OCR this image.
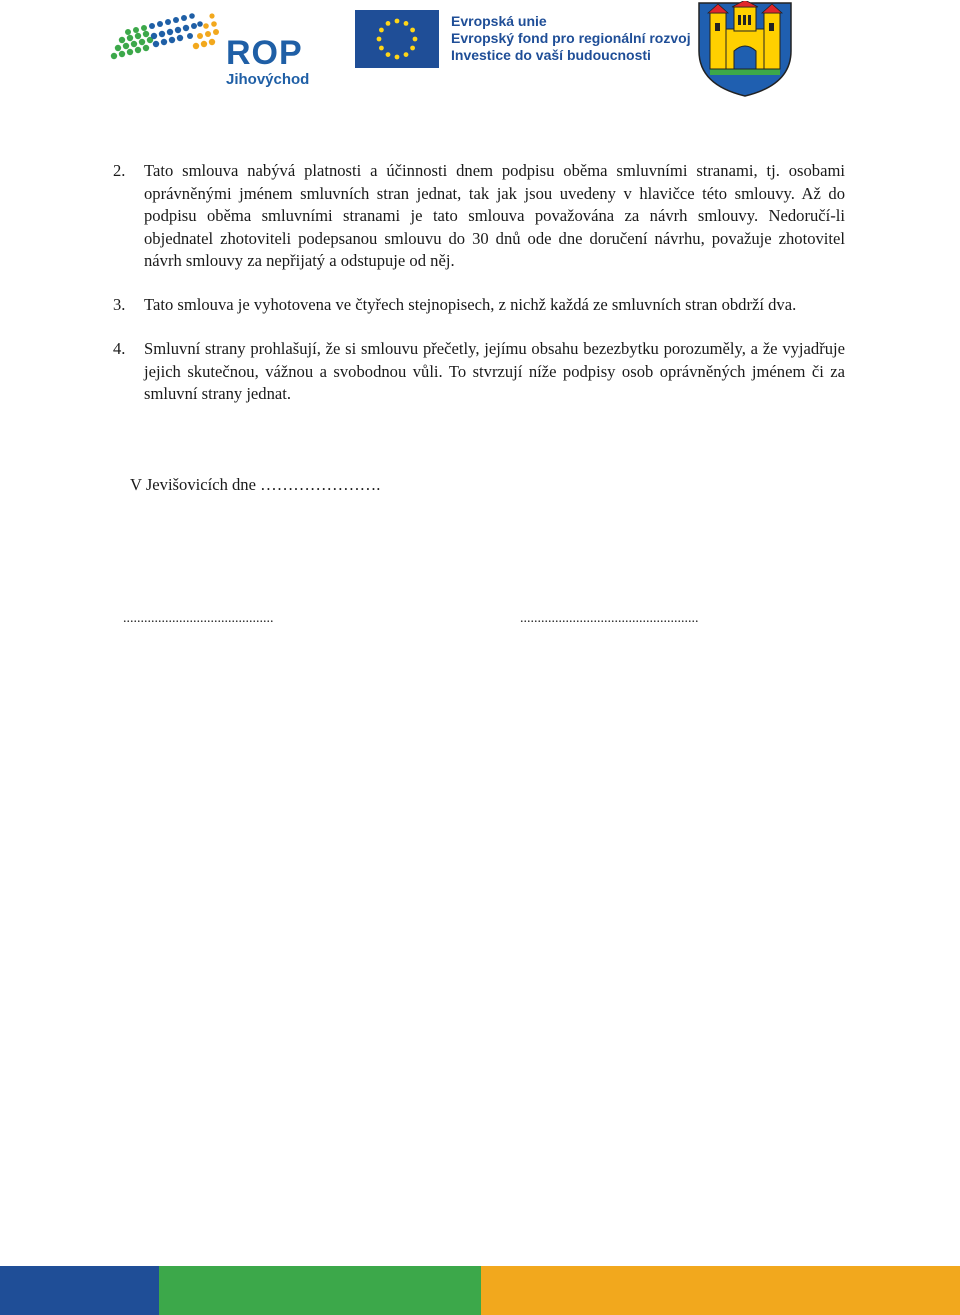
ROP
Jihovýchod
Evropská unie
Evropský fond pro regionální rozvoj
Investice do vaší budoucnosti
2. Tato smlouva nabývá platnosti a účinnosti dnem podpisu oběma smluvními stranami, tj. osobami oprávněnými jménem smluvních stran jednat, tak jak jsou uvedeny v hlavičce této smlouvy. Až do podpisu oběma smluvními stranami je tato smlouva považována za návrh smlouvy. Nedoručí-li objednatel zhotoviteli podepsanou smlouvu do 30 dnů ode dne doručení návrhu, považuje zhotovitel návrh smlouvy za nepřijatý a odstupuje od něj.

3. Tato smlouva je vyhotovena ve čtyřech stejnopisech, z nichž každá ze smluvních stran obdrží dva.

4. Smluvní strany prohlašují, že si smlouvu přečetly, jejímu obsahu bezezbytku porozuměly, a že vyjadřuje jejich skutečnou, vážnou a svobodnou vůli. To stvrzují níže podpisy osob oprávněných jménem či za smluvní strany jednat.

V Jevišovicích dne ………………….
...........................................	...................................................
